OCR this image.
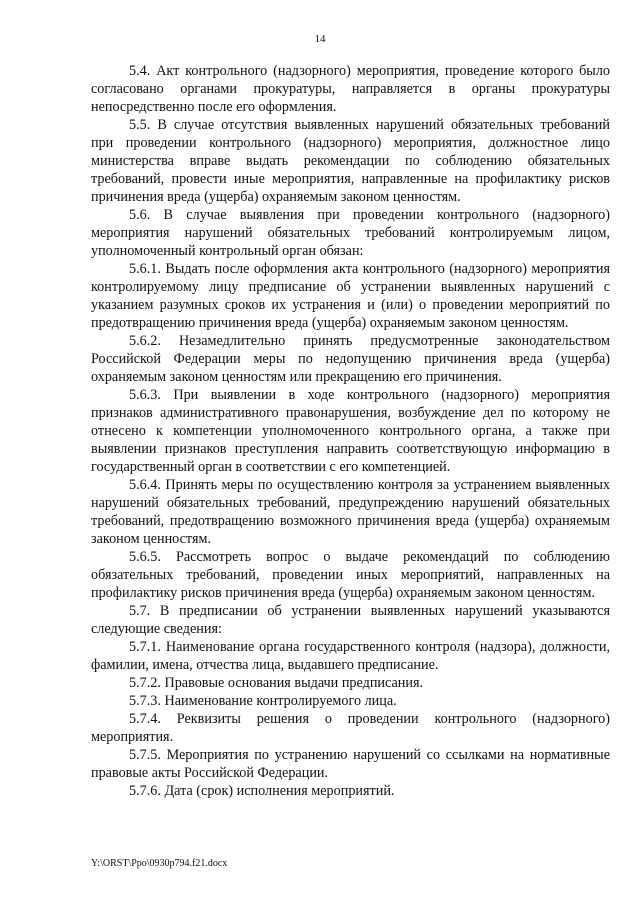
14

5.4. Акт контрольного (надзорного) мероприятия, проведение которого было согласовано органами прокуратуры, направляется в органы прокуратуры непосредственно после его оформления.

5.5. В случае отсутствия выявленных нарушений обязательных требований при проведении контрольного (надзорного) мероприятия, должностное лицо министерства вправе выдать рекомендации по соблюдению обязательных требований, провести иные мероприятия, направленные на профилактику рисков причинения вреда (ущерба) охраняемым законом ценностям.

5.6. В случае выявления при проведении контрольного (надзорного) мероприятия нарушений обязательных требований контролируемым лицом, уполномоченный контрольный орган обязан:

5.6.1. Выдать после оформления акта контрольного (надзорного) мероприятия контролируемому лицу предписание об устранении выявленных нарушений с указанием разумных сроков их устранения и (или) о проведении мероприятий по предотвращению причинения вреда (ущерба) охраняемым законом ценностям.

5.6.2. Незамедлительно принять предусмотренные законодательством Российской Федерации меры по недопущению причинения вреда (ущерба) охраняемым законом ценностям или прекращению его причинения.

5.6.3. При выявлении в ходе контрольного (надзорного) мероприятия признаков административного правонарушения, возбуждение дел по которому не отнесено к компетенции уполномоченного контрольного органа, а также при выявлении признаков преступления направить соответствующую информацию в государственный орган в соответствии с его компетенцией.

5.6.4. Принять меры по осуществлению контроля за устранением выявленных нарушений обязательных требований, предупреждению нарушений обязательных требований, предотвращению возможного причинения вреда (ущерба) охраняемым законом ценностям.

5.6.5. Рассмотреть вопрос о выдаче рекомендаций по соблюдению обязательных требований, проведении иных мероприятий, направленных на профилактику рисков причинения вреда (ущерба) охраняемым законом ценностям.

5.7. В предписании об устранении выявленных нарушений указываются следующие сведения:

5.7.1. Наименование органа государственного контроля (надзора), должности, фамилии, имена, отчества лица, выдавшего предписание.

5.7.2. Правовые основания выдачи предписания.

5.7.3. Наименование контролируемого лица.

5.7.4. Реквизиты решения о проведении контрольного (надзорного) мероприятия.

5.7.5. Мероприятия по устранению нарушений со ссылками на нормативные правовые акты Российской Федерации.

5.7.6. Дата (срок) исполнения мероприятий.

Y:\ORST\Ppo\0930p794.f21.docx
